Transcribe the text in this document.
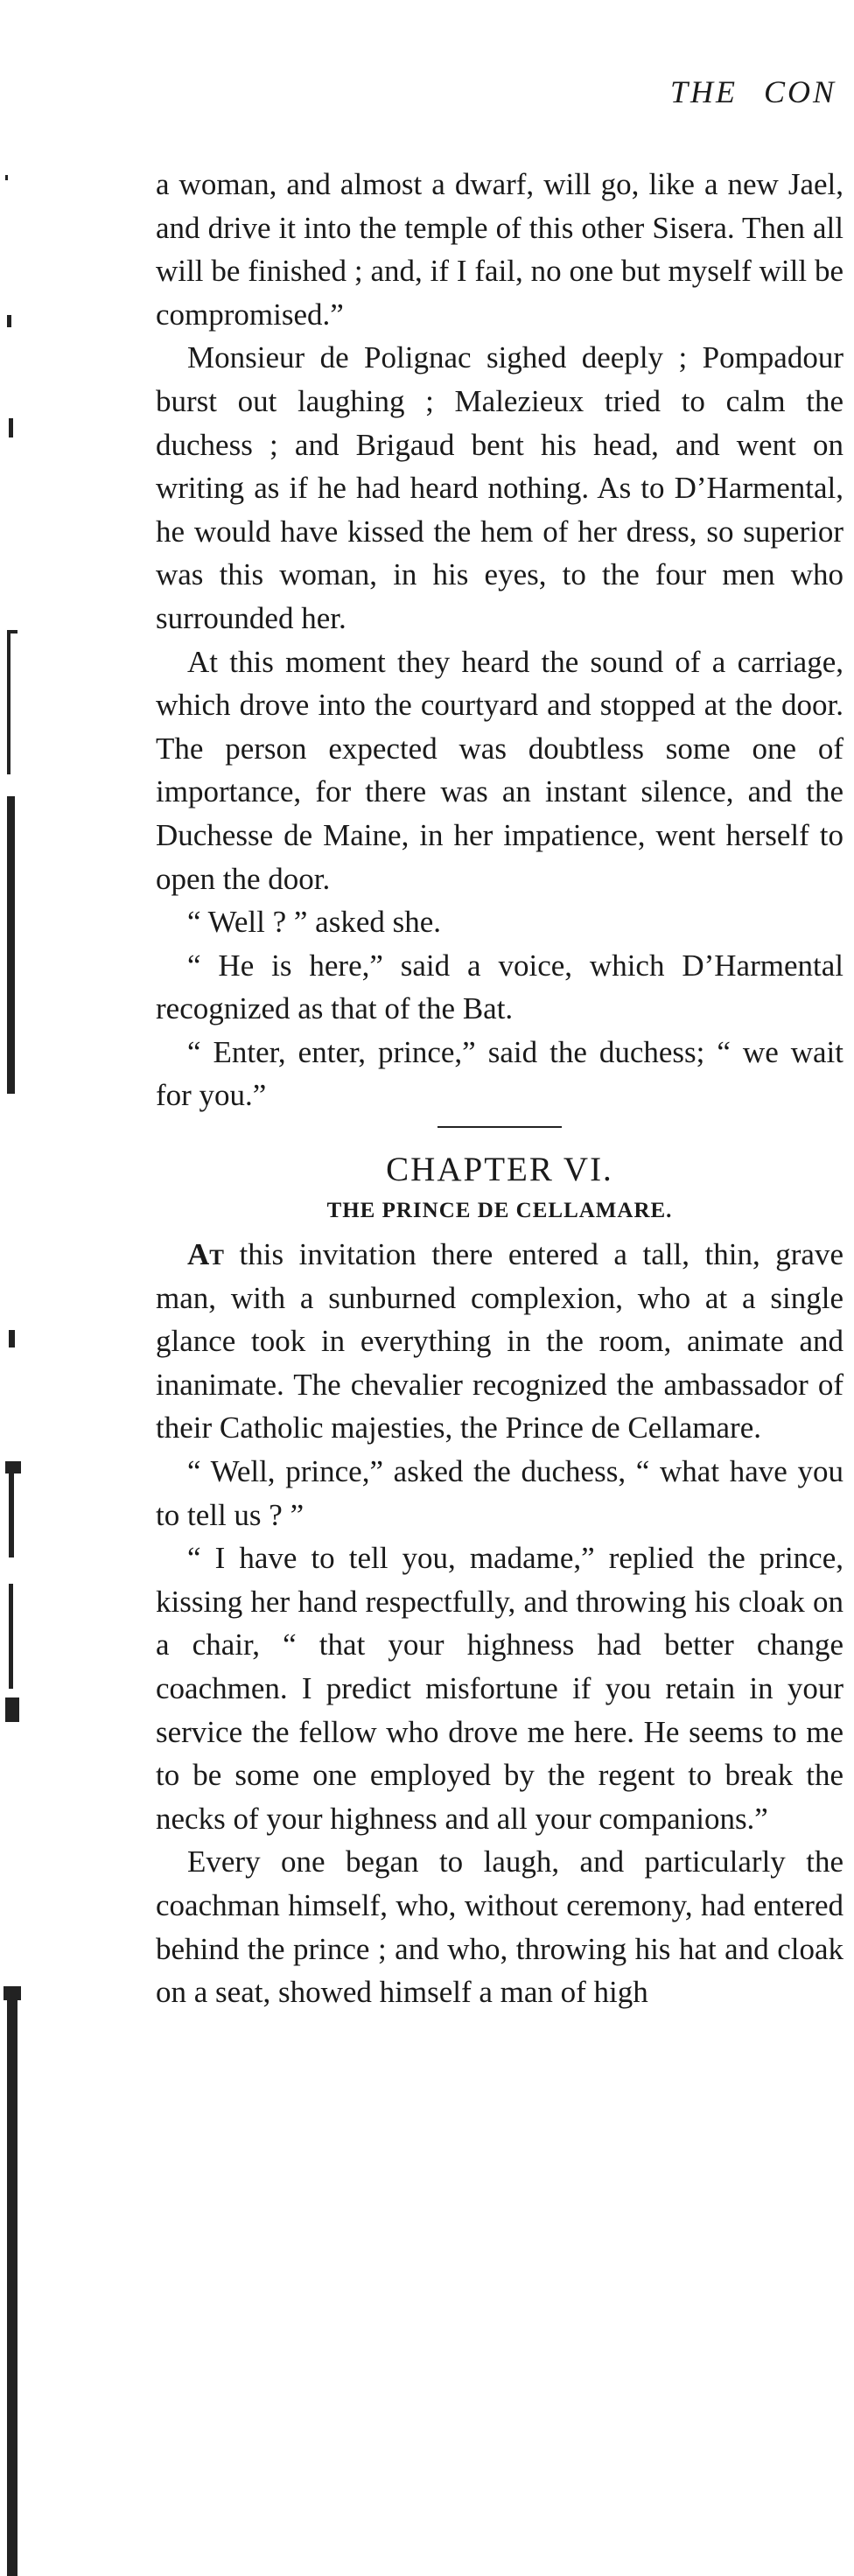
THE CON

a woman, and almost a dwarf, will go, like a new Jael, and drive it into the temple of this other Sisera. Then all will be finished ; and, if I fail, no one but myself will be compromised.”

Monsieur de Polignac sighed deeply ; Pompadour burst out laughing ; Malezieux tried to calm the duchess ; and Brigaud bent his head, and went on writing as if he had heard nothing. As to D’Harmental, he would have kissed the hem of her dress, so superior was this woman, in his eyes, to the four men who surrounded her.

At this moment they heard the sound of a carriage, which drove into the courtyard and stopped at the door. The person expected was doubtless some one of importance, for there was an instant silence, and the Duchesse de Maine, in her impatience, went herself to open the door.

“ Well ? ” asked she.

“ He is here,” said a voice, which D’Harmental recognized as that of the Bat.

“ Enter, enter, prince,” said the duchess; “ we wait for you.”

CHAPTER VI.
THE PRINCE DE CELLAMARE.

At this invitation there entered a tall, thin, grave man, with a sunburned complexion, who at a single glance took in everything in the room, animate and inanimate. The chevalier recognized the ambassador of their Catholic majesties, the Prince de Cellamare.

“ Well, prince,” asked the duchess, “ what have you to tell us ? ”

“ I have to tell you, madame,” replied the prince, kissing her hand respectfully, and throwing his cloak on a chair, “ that your highness had better change coachmen. I predict misfortune if you retain in your service the fellow who drove me here. He seems to me to be some one employed by the regent to break the necks of your highness and all your companions.”

Every one began to laugh, and particularly the coachman himself, who, without ceremony, had entered behind the prince ; and who, throwing his hat and cloak on a seat, showed himself a man of high
